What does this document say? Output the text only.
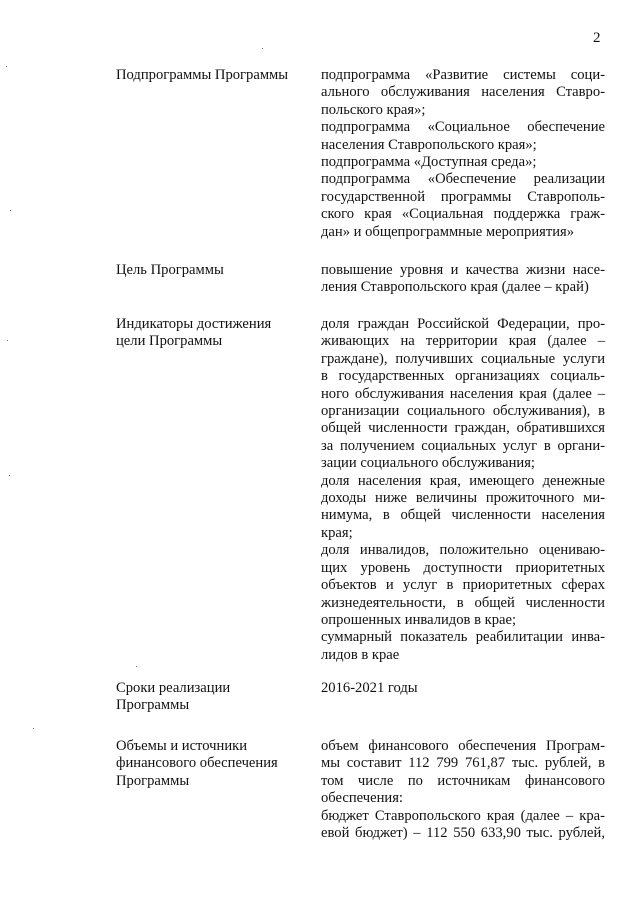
2
Подпрограммы Программы	подпрограмма «Развитие системы соци-
ального обслуживания населения Ставро-
польского края»;
подпрограмма «Социальное обеспечение
населения Ставропольского края»;
подпрограмма «Доступная среда»;
подпрограмма «Обеспечение реализации
государственной программы Ставрополь-
ского края «Социальная поддержка граж-
дан» и общепрограммные мероприятия»
Цель Программы	повышение уровня и качества жизни насе-
ления Ставропольского края (далее – край)
Индикаторы достижения
цели Программы
доля граждан Российской Федерации, про-
живающих на территории края (далее –
граждане), получивших социальные услуги
в государственных организациях социаль-
ного обслуживания населения края (далее –
организации социального обслуживания), в
общей численности граждан, обратившихся
за получением социальных услуг в органи-
зации социального обслуживания;
доля населения края, имеющего денежные
доходы ниже величины прожиточного ми-
нимума, в общей численности населения
края;
доля инвалидов, положительно оцениваю-
щих уровень доступности приоритетных
объектов и услуг в приоритетных сферах
жизнедеятельности, в общей численности
опрошенных инвалидов в крае;
суммарный показатель реабилитации инва-
лидов в крае
Сроки реализации
Программы
2016-2021 годы
Объемы и источники
финансового обеспечения
Программы
объем финансового обеспечения Програм-
мы составит 112 799 761,87 тыс. рублей, в
том числе по источникам финансового
обеспечения:
бюджет Ставропольского края (далее – кра-
евой бюджет) – 112 550 633,90 тыс. рублей,
